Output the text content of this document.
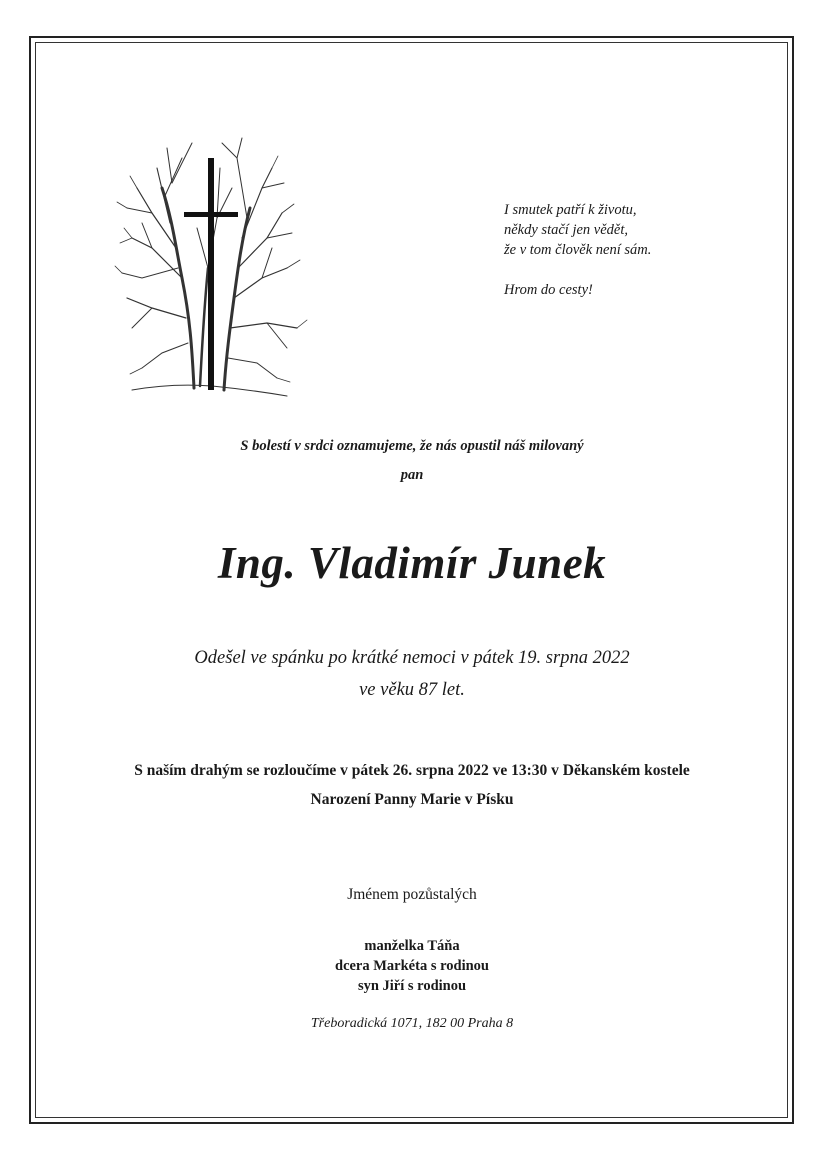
I smutek patří k životu,
někdy stačí jen vědět,
že v tom člověk není sám.
Hrom do cesty!
S bolestí v srdci oznamujeme, že nás opustil náš milovaný
pan
Ing. Vladimír Junek
Odešel ve spánku po krátké nemoci v pátek 19. srpna 2022
ve věku 87 let.
S naším drahým se rozloučíme v pátek 26. srpna 2022 ve 13:30 v Děkanském kostele
Narození Panny Marie v Písku
Jménem pozůstalých
manželka Táňa
dcera Markéta s rodinou
syn Jiří s rodinou
Třeboradická 1071, 182 00 Praha 8
